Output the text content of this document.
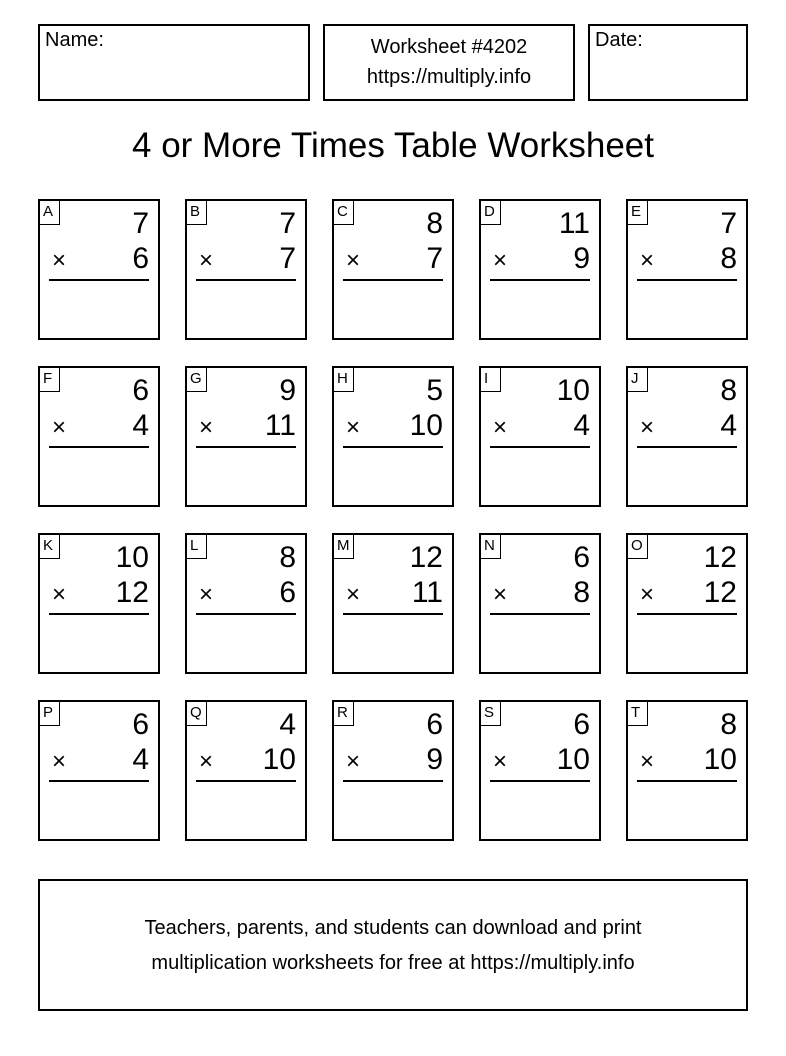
Name:	Worksheet #4202
https://multiply.info
Date:
4 or More Times Table Worksheet
A	7
× 6
B	7
× 7
C	8
× 7
D 11
× 9
E	7
× 8
F	6
× 4
G	9
× 11
H	5
× 10
I	10
× 4
J	8
× 4
K 10
× 12
L	8
× 6
M 12
× 11
N	6
× 8
O 12
× 12
P	6
× 4
Q	4
× 10
R	6
× 9
S	6
× 10
T	8
× 10
Teachers, parents, and students can download and print
multiplication worksheets for free at https://multiply.info
